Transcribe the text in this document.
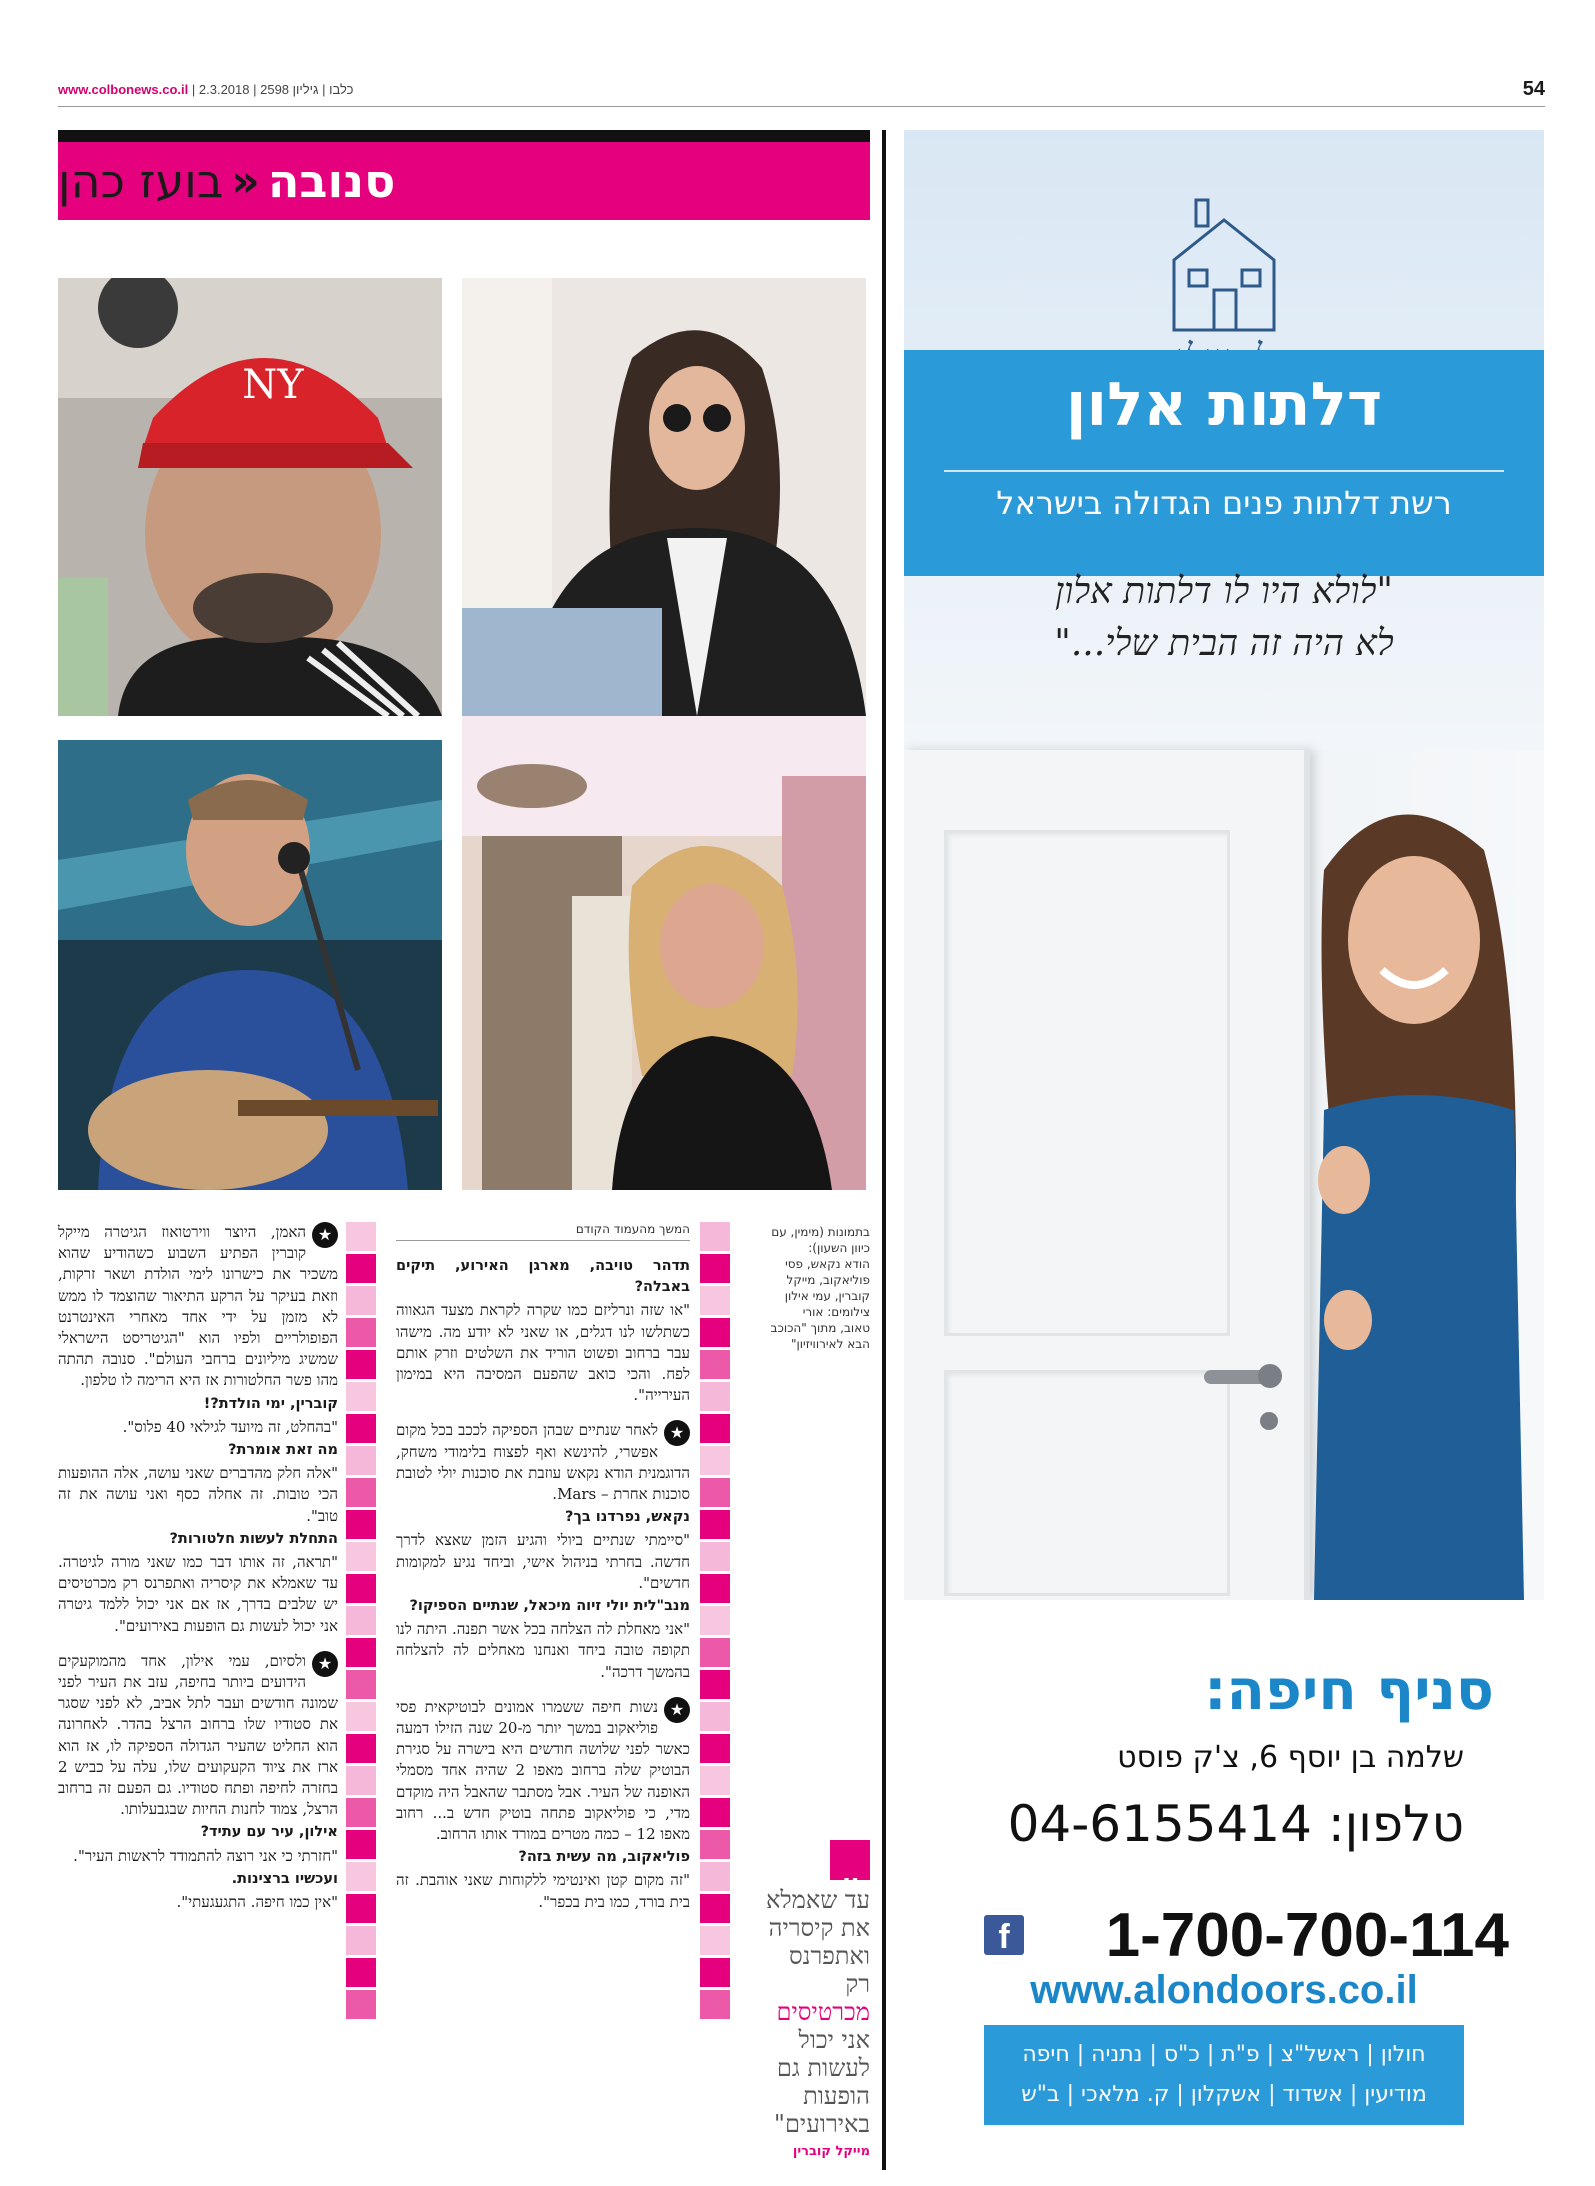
www.colbonews.co.il | כלבו | גיליון 2598 | 2.3.2018	54
סנובה
«
בועז כהן
NY
בתמונות (מימין, עם
כיוון השעון):
הודא נקאש, פסי
פוליאקוב, מייקל
קוברין, עמי אילון
צילומים: אורי
טאוב, מתוך "הכוכב
הבא לאירוויזיון"
„
עד שאמלא
את קיסריה
ואתפרנס
רק
מכרטיסים
אני יכול
לעשות גם
הופעות
באירועים"
מייקל קוברין
המשך מהעמוד הקודם

תדהר טויבה, מארגן האירוע, תיקים באבלה?

"או שזה ונרליזם כמו שקרה לקראת מצעד הגאווה כשתלשו לנו דגלים, או שאני לא יודע מה. מישהו עבר ברחוב ופשוט הוריד את השלטים וזרק אותם לפח. והכי כואב שהפעם המסיבה היא במימון העירייה".

★
לאחר שנתיים שבהן הספיקה לככב בכל מקום אפשרי, להינשא ואף לפצוח בלימודי משחק, הדוגמנית הודא נקאש עוזבת את סוכנות יולי לטובת סוכנות אחרת – Mars.

נקאש, נפרדנו בך?

"סיימתי שנתיים ביולי והגיע הזמן שאצא לדרך חדשה. בחרתי בניהול אישי, וביחד נגיע למקומות חדשים".

מנב"לית יולי זיוה מיכאל, שנתיים הספיקו?

"אני מאחלת לה הצלחה בכל אשר תפנה. היתה לנו תקופה טובה ביחד ואנחנו מאחלים לה להצלחה בהמשך דרכה".

★
נשות חיפה ששמרו אמונים לבוטיקאית פסי פוליאקוב במשך יותר מ-20 שנה הזילו דמעה כאשר לפני שלושה חודשים היא בישרה על סגירת הבוטיק שלה ברחוב מאפו 2 שהיה אחד מסמלי האופנה של העיר. אבל מסתבר שהאבל היה מוקדם מדי, כי פוליאקוב פתחה בוטיק חדש ב... רחוב מאפו 12 – כמה מטרים במורד אותו הרחוב.

פוליאקוב, מה עשית בזה?

"זה מקום קטן ואינטימי ללקוחות שאני אוהבת. זה בית בורד, כמו בית בכפר".

★
האמן, היוצר ווירטואוז הגיטרה מייקל קוברין הפתיע השבוע כשהודיע שהוא משכיר את כישרונו לימי הולדת ושאר זרקות, וזאת בעיקר על הרקע התיאור שהוצמד לו ממש לא מזמן על ידי אחד מאחרי האינטרנט הפופולריים ולפיו הוא "הגיטריסט הישראלי שמשיג מיליונים ברחבי העולם". סנובה תהתה מהו פשר החלטורות אז היא הרימה לו טלפון.

קוברין, ימי הולדת?!

"בהחלט, זה מיועד לגילאי 40 פלוס".

מה זאת אומרת?

"אלה חלק מהדברים שאני עושה, אלה ההופעות הכי טובות. זה אחלה כסף ואני עושה את זה טוב".

התחלת לעשות חלטורות?

"תראה, זה אותו דבר כמו שאני מורה לגיטרה. עד שאמלא את קיסריה ואתפרנס רק מכרטיסים יש שלבים בדרך, אז אם אני יכול ללמד גיטרה אני יכול לעשות גם הופעות באירועים".

★
ולסיום, עמי אילון, אחד מהמוקעקים הידועים ביותר בחיפה, עזב את העיר לפני שמונה חודשים ועבר לתל אביב, לא לפני שסגר את סטודיו שלו ברחוב הרצל בהדר. לאחרונה הוא החליט שהעיר הגדולה הספיקה לו, אז הוא ארז את ציוד הקעקועים שלו, עלה על כביש 2 בחזרה לחיפה ופתח סטודיו. גם הפעם זה ברחוב הרצל, צמוד לחנות החיות שבגבעלותו.

אילון, עיר עם עתיד?

"חזרתי כי אני רוצה להתמודד לראשות העיר".

ועכשיו ברצינות.

"אין כמו חיפה. התגעגעתי".

דלתות אלון
רשת דלתות פנים הגדולה בישראל
"לולא היו לו דלתות אלון
לא היה זה הבית שלי..."
סניף חיפה:
שלמה בן יוסף 6, צ'ק פוסט
טלפון: 04-6155414
f	1-700-700-114
www.alondoors.co.il
חולון | ראשל"צ | פ"ת | כ"ס | נתניה | חיפה
מודיעין | אשדוד | אשקלון | ק. מלאכי | ב"ש
